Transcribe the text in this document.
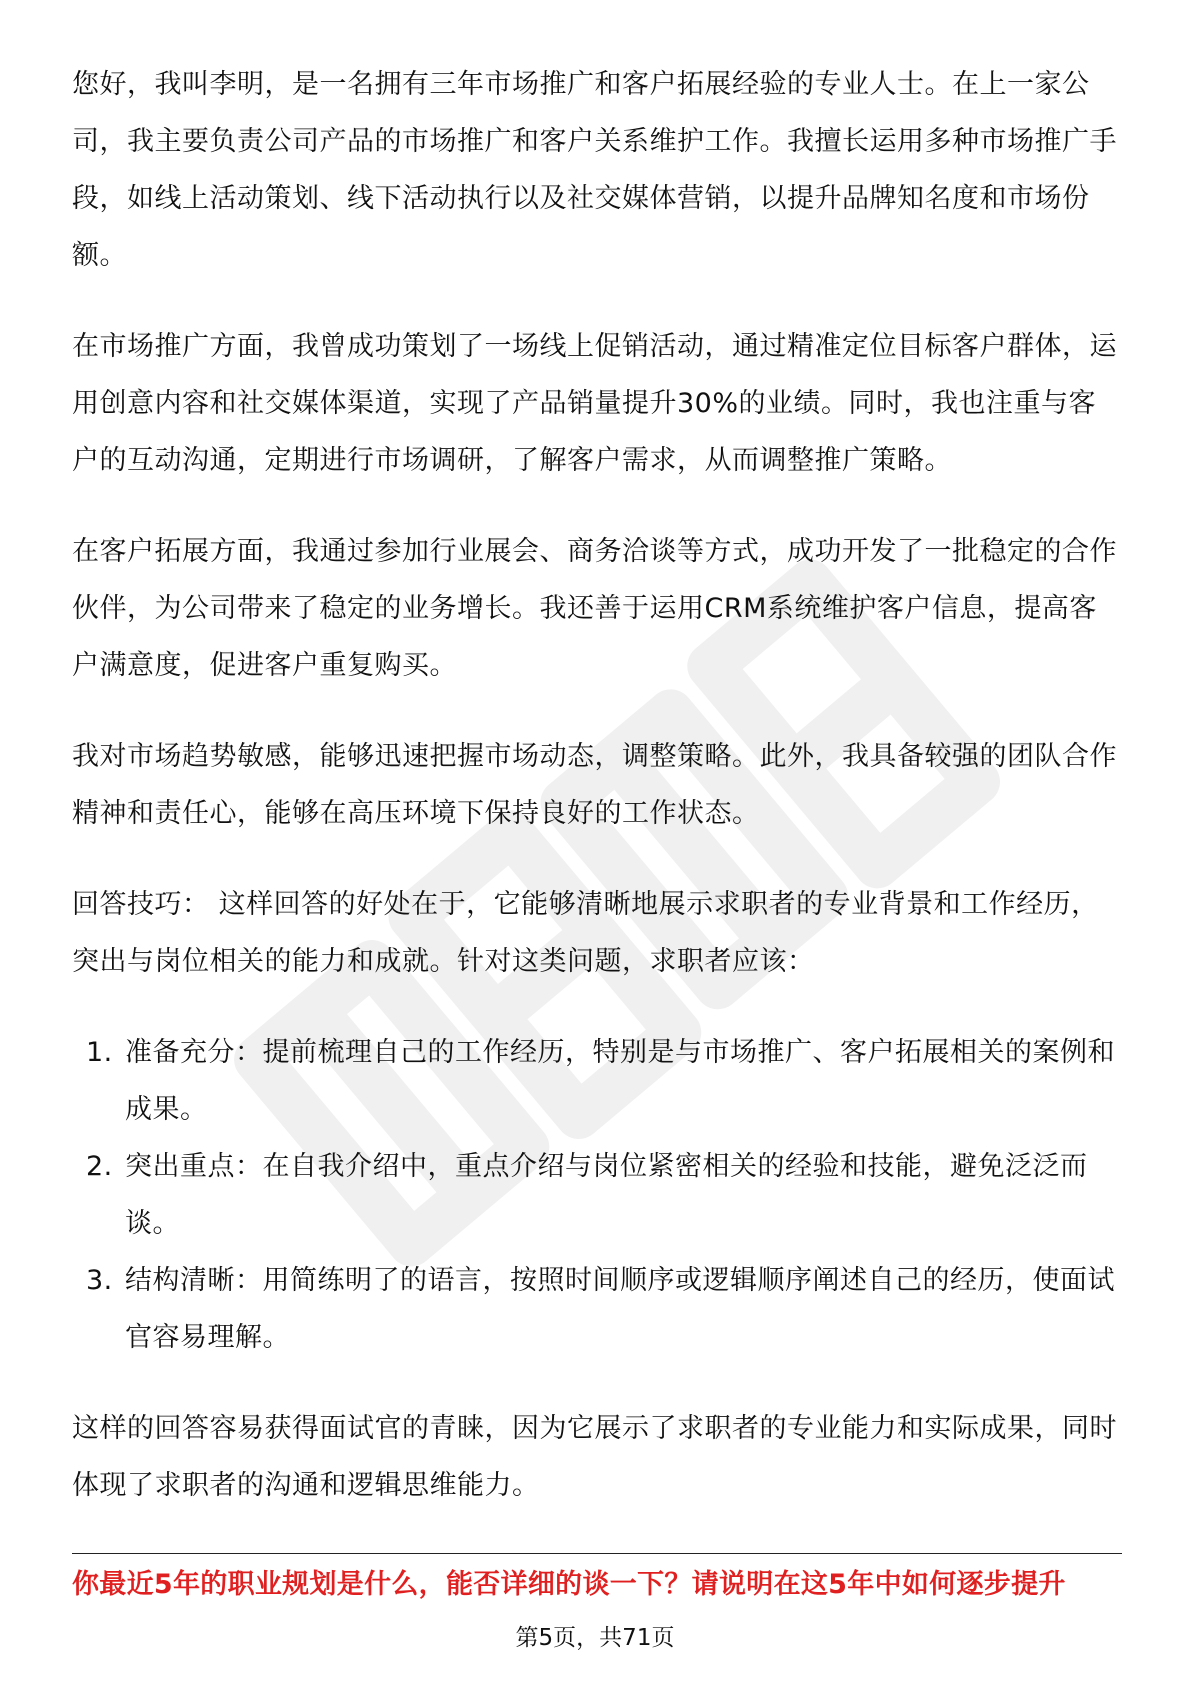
您好，我叫李明，是一名拥有三年市场推广和客户拓展经验的专业人士。在上一家公司，我主要负责公司产品的市场推广和客户关系维护工作。我擅长运用多种市场推广手段，如线上活动策划、线下活动执行以及社交媒体营销，以提升品牌知名度和市场份额。

在市场推广方面，我曾成功策划了一场线上促销活动，通过精准定位目标客户群体，运用创意内容和社交媒体渠道，实现了产品销量提升30%的业绩。同时，我也注重与客户的互动沟通，定期进行市场调研，了解客户需求，从而调整推广策略。

在客户拓展方面，我通过参加行业展会、商务洽谈等方式，成功开发了一批稳定的合作伙伴，为公司带来了稳定的业务增长。我还善于运用CRM系统维护客户信息，提高客户满意度，促进客户重复购买。

我对市场趋势敏感，能够迅速把握市场动态，调整策略。此外，我具备较强的团队合作精神和责任心，能够在高压环境下保持良好的工作状态。

回答技巧： 这样回答的好处在于，它能够清晰地展示求职者的专业背景和工作经历，突出与岗位相关的能力和成就。针对这类问题，求职者应该：

1. 准备充分：提前梳理自己的工作经历，特别是与市场推广、客户拓展相关的案例和成果。
2. 突出重点：在自我介绍中，重点介绍与岗位紧密相关的经验和技能，避免泛泛而谈。
3. 结构清晰：用简练明了的语言，按照时间顺序或逻辑顺序阐述自己的经历，使面试官容易理解。

这样的回答容易获得面试官的青睐，因为它展示了求职者的专业能力和实际成果，同时体现了求职者的沟通和逻辑思维能力。

你最近5年的职业规划是什么，能否详细的谈一下？请说明在这5年中如何逐步提升
第5页，共71页
